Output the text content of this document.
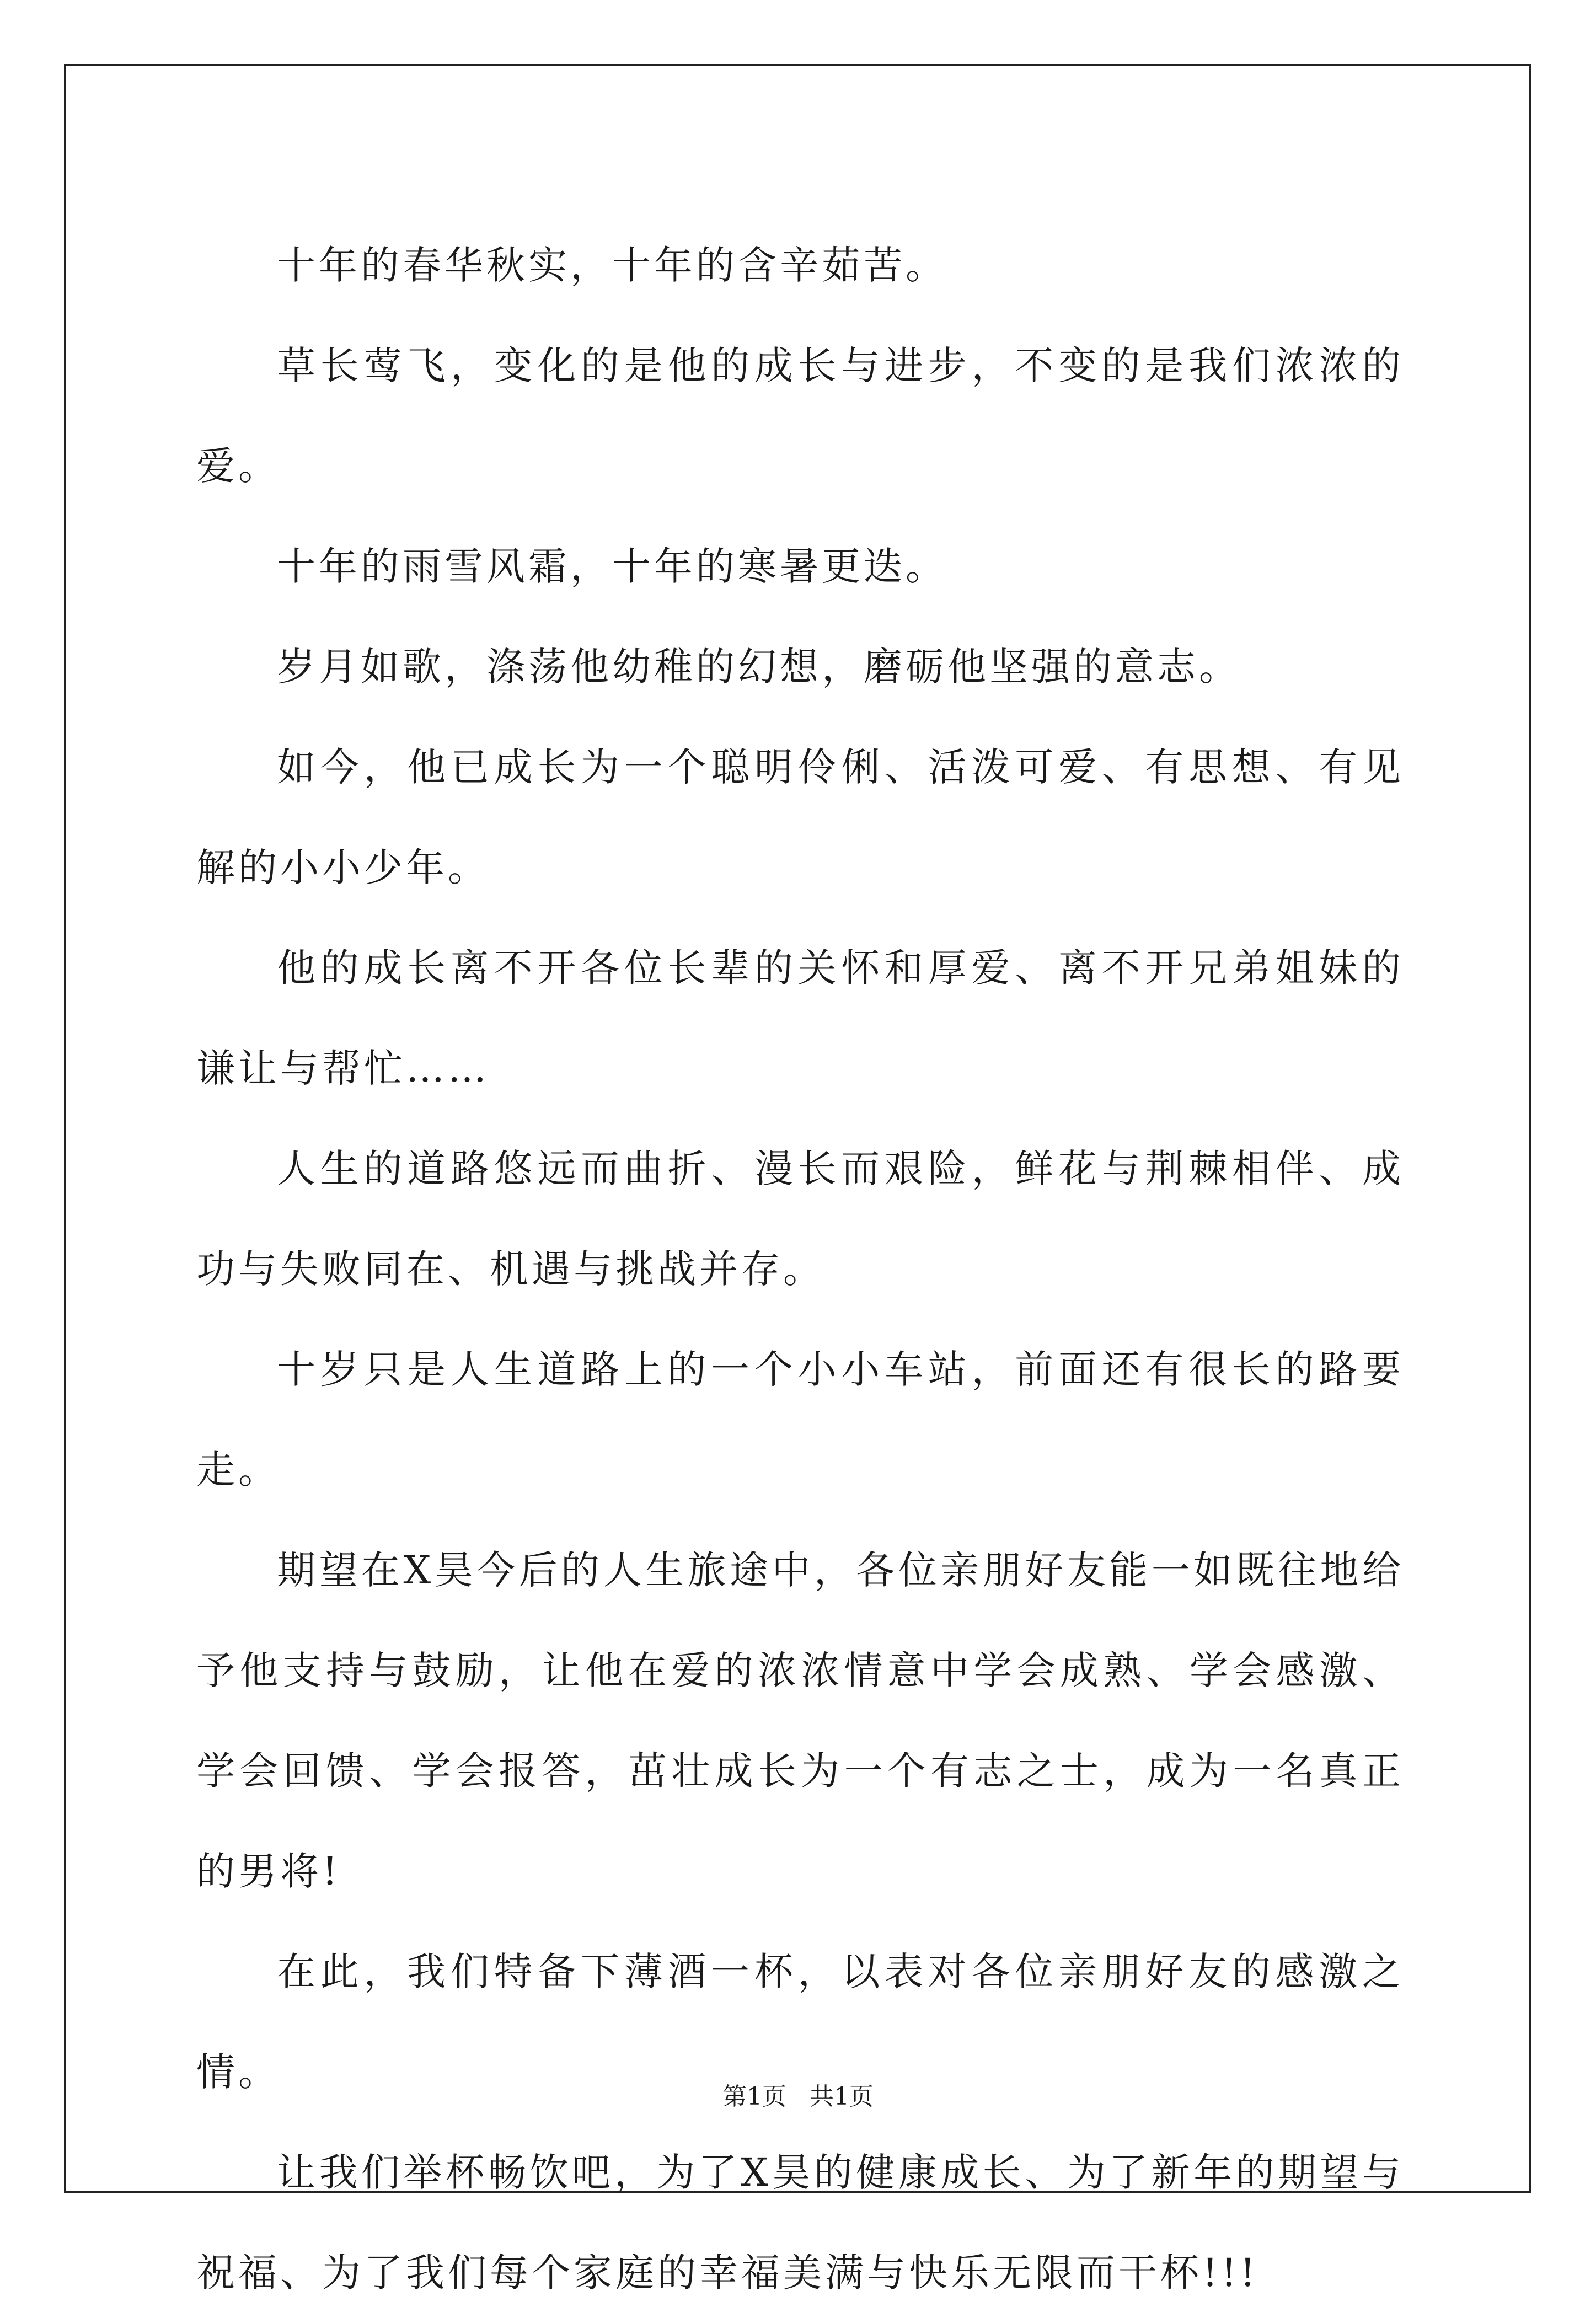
十年的春华秋实，十年的含辛茹苦。

草长莺飞，变化的是他的成长与进步，不变的是我们浓浓的爱。

十年的雨雪风霜，十年的寒暑更迭。

岁月如歌，涤荡他幼稚的幻想，磨砺他坚强的意志。

如今，他已成长为一个聪明伶俐、活泼可爱、有思想、有见解的小小少年。

他的成长离不开各位长辈的关怀和厚爱、离不开兄弟姐妹的谦让与帮忙……

人生的道路悠远而曲折、漫长而艰险，鲜花与荆棘相伴、成功与失败同在、机遇与挑战并存。

十岁只是人生道路上的一个小小车站，前面还有很长的路要走。

期望在X昊今后的人生旅途中，各位亲朋好友能一如既往地给予他支持与鼓励，让他在爱的浓浓情意中学会成熟、学会感激、学会回馈、学会报答，茁壮成长为一个有志之士，成为一名真正的男将!

在此，我们特备下薄酒一杯，以表对各位亲朋好友的感激之情。

让我们举杯畅饮吧，为了X昊的健康成长、为了新年的期望与祝福、为了我们每个家庭的幸福美满与快乐无限而干杯!!!

第1页   共1页
